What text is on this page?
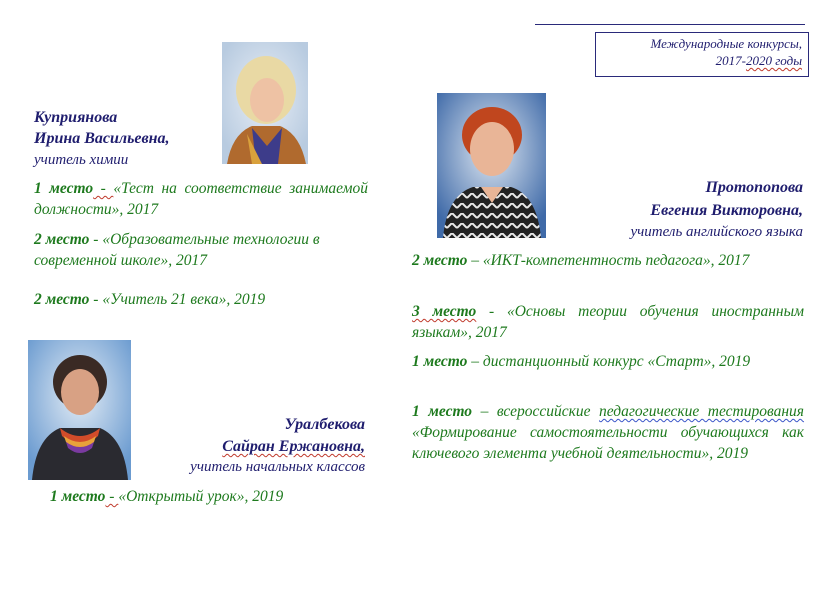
Международные конкурсы,
2017-2020 годы
Куприянова
Ирина Васильевна,
учитель химии
1 место - «Тест на соответствие занимаемой должности», 2017
2 место - «Образовательные технологии в современной школе», 2017
2 место - «Учитель 21 века», 2019
Протопопова
Евгения Викторовна,
учитель английского языка
2 место – «ИКТ-компетентность педагога», 2017
3 место - «Основы теории обучения иностранным языкам», 2017
1 место – дистанционный конкурс «Старт», 2019
1 место – всероссийские педагогические тестирования «Формирование самостоятельности обучающихся как ключевого элемента учебной деятельности», 2019
Уралбекова
Сайран Ержановна,
учитель начальных классов
1 место - «Открытый урок», 2019
